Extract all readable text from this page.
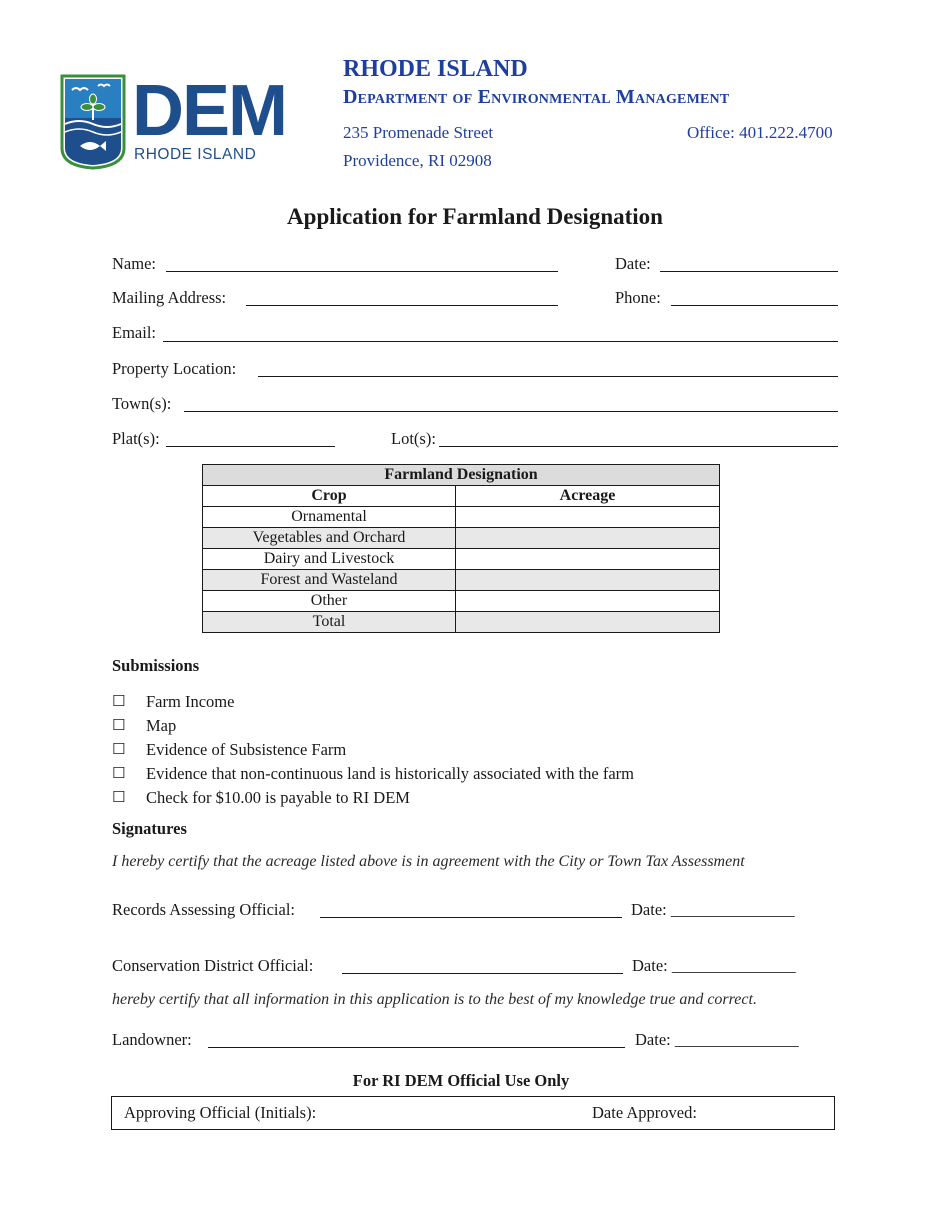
DEM
RHODE ISLAND
RHODE ISLAND
Department of Environmental Management
235 Promenade Street
Providence, RI 02908
Office: 401.222.4700
Application for Farmland Designation
Name:	Date:
Mailing Address:	Phone:
Email:
Property Location:
Town(s):
Plat(s):	Lot(s):
Farmland Designation	
Crop	Acreage
Ornamental	
Vegetables and Orchard	
Dairy and Livestock	
Forest and Wasteland	
Other	
Total	
Submissions
☐ Farm Income
☐ Map
☐ Evidence of Subsistence Farm
☐ Evidence that non-continuous land is historically associated with the farm
☐ Check for $10.00 is payable to RI DEM
Signatures
I hereby certify that the acreage listed above is in agreement with the City or Town Tax Assessment
Records Assessing Official:	Date: _______________
Conservation District Official:	Date: _______________
hereby certify that all information in this application is to the best of my knowledge true and correct.
Landowner:	Date: _______________
For RI DEM Official Use Only
Approving Official (Initials):	Date Approved:
